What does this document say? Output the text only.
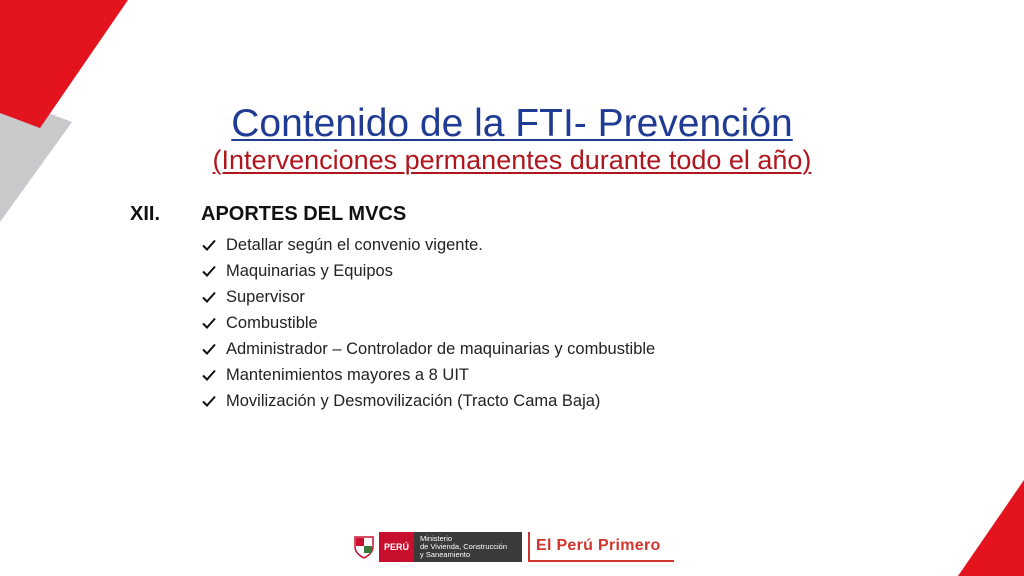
Contenido de la FTI- Prevención
(Intervenciones permanentes durante todo el año)
XII. APORTES DEL MVCS
Detallar según el convenio vigente.
Maquinarias y Equipos
Supervisor
Combustible
Administrador – Controlador de maquinarias y combustible
Mantenimientos mayores a 8 UIT
Movilización y Desmovilización (Tracto Cama Baja)
PERÚ
Ministerio
de Vivienda, Construcción
y Saneamiento
El Perú Primero
